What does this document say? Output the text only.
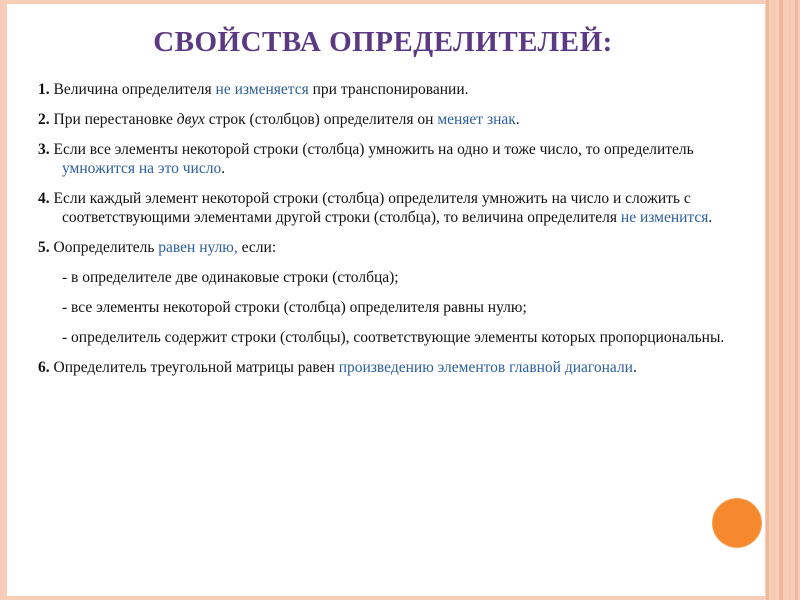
СВОЙСТВА ОПРЕДЕЛИТЕЛЕЙ:
1. Величина определителя не изменяется при транспонировании.
2. При перестановке двух строк (столбцов) определителя он меняет знак.
3. Если все элементы некоторой строки (столбца) умножить на одно и тоже число, то определитель умножится на это число.
4. Если каждый элемент некоторой строки (столбца) определителя умножить на число и сложить с соответствующими элементами другой строки (столбца), то величина определителя не изменится.
5. Оопределитель равен нулю, если:
- в определителе две одинаковые строки (столбца);
- все элементы некоторой строки (столбца) определителя равны нулю;
- определитель содержит строки (столбцы), соответствующие элементы которых пропорциональны.
6. Определитель треугольной матрицы равен произведению элементов главной диагонали.
